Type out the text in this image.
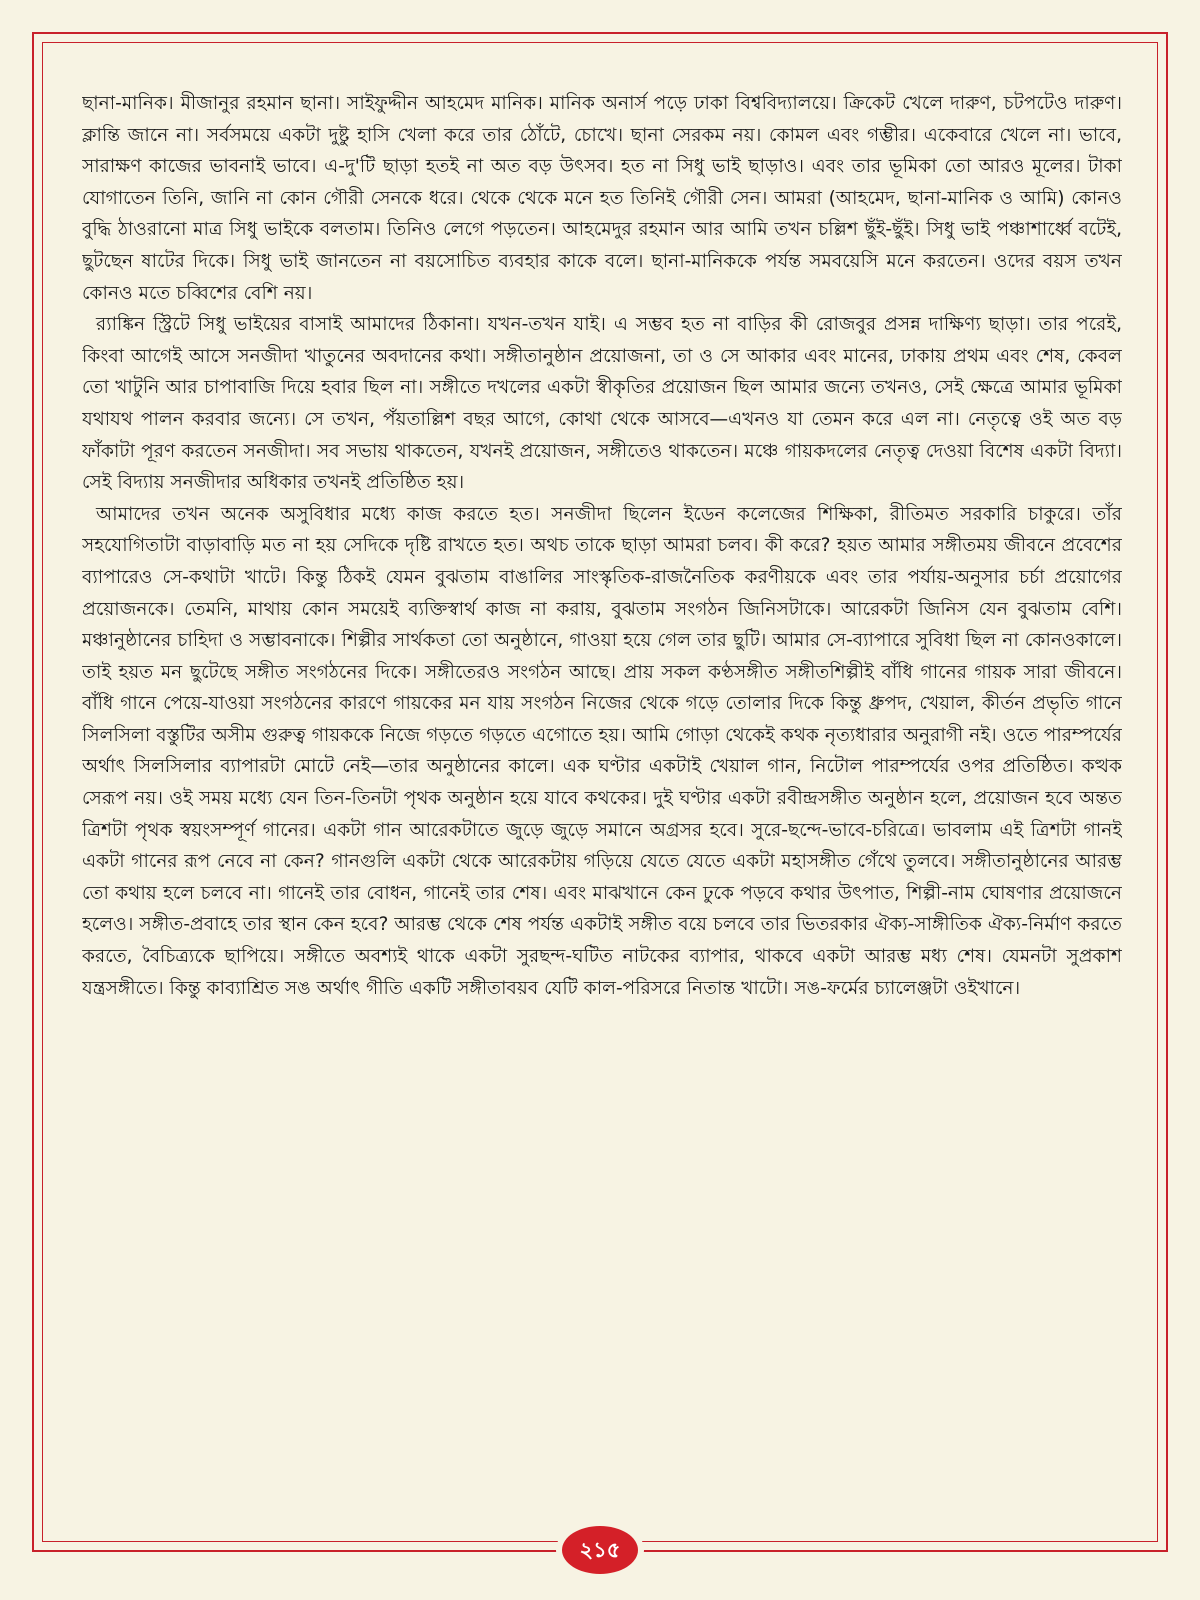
ছানা-মানিক। মীজানুর রহমান ছানা। সাইফুদ্দীন আহমেদ মানিক। মানিক অনার্স পড়ে ঢাকা বিশ্ববিদ্যালয়ে। ক্রিকেট খেলে দারুণ, চটপটেও দারুণ। ক্লান্তি জানে না। সর্বসময়ে একটা দুষ্টু হাসি খেলা করে তার ঠোঁটে, চোখে। ছানা সেরকম নয়। কোমল এবং গম্ভীর। একেবারে খেলে না। ভাবে, সারাক্ষণ কাজের ভাবনাই ভাবে। এ-দু'টি ছাড়া হতই না অত বড় উৎসব। হত না সিধু ভাই ছাড়াও। এবং তার ভূমিকা তো আরও মূলের। টাকা যোগাতেন তিনি, জানি না কোন গৌরী সেনকে ধরে। থেকে থেকে মনে হত তিনিই গৌরী সেন। আমরা (আহমেদ, ছানা-মানিক ও আমি) কোনও বুদ্ধি ঠাওরানো মাত্র সিধু ভাইকে বলতাম। তিনিও লেগে পড়তেন। আহমেদুর রহমান আর আমি তখন চল্লিশ ছুঁই-ছুঁই। সিধু ভাই পঞ্চাশার্ধ্বে বটেই, ছুটছেন ষাটের দিকে। সিধু ভাই জানতেন না বয়সোচিত ব্যবহার কাকে বলে। ছানা-মানিককে পর্যন্ত সমবয়েসি মনে করতেন। ওদের বয়স তখন কোনও মতে চব্বিশের বেশি নয়।

র‍্যাঙ্কিন স্ট্রিটে সিধু ভাইয়ের বাসাই আমাদের ঠিকানা। যখন-তখন যাই। এ সম্ভব হত না বাড়ির কী রোজবুর প্রসন্ন দাক্ষিণ্য ছাড়া। তার পরেই, কিংবা আগেই আসে সনজীদা খাতুনের অবদানের কথা। সঙ্গীতানুষ্ঠান প্রয়োজনা, তা ও সে আকার এবং মানের, ঢাকায় প্রথম এবং শেষ, কেবল তো খাটুনি আর চাপাবাজি দিয়ে হবার ছিল না। সঙ্গীতে দখলের একটা স্বীকৃতির প্রয়োজন ছিল আমার জন্যে তখনও, সেই ক্ষেত্রে আমার ভূমিকা যথাযথ পালন করবার জন্যে। সে তখন, পঁয়তাল্লিশ বছর আগে, কোথা থেকে আসবে—এখনও যা তেমন করে এল না। নেতৃত্বে ওই অত বড় ফাঁকাটা পূরণ করতেন সনজীদা। সব সভায় থাকতেন, যখনই প্রয়োজন, সঙ্গীতেও থাকতেন। মঞ্চে গায়কদলের নেতৃত্ব দেওয়া বিশেষ একটা বিদ্যা। সেই বিদ্যায় সনজীদার অধিকার তখনই প্রতিষ্ঠিত হয়।

আমাদের তখন অনেক অসুবিধার মধ্যে কাজ করতে হত। সনজীদা ছিলেন ইডেন কলেজের শিক্ষিকা, রীতিমত সরকারি চাকুরে। তাঁর সহযোগিতাটা বাড়াবাড়ি মত না হয় সেদিকে দৃষ্টি রাখতে হত। অথচ তাকে ছাড়া আমরা চলব। কী করে? হয়ত আমার সঙ্গীতময় জীবনে প্রবেশের ব্যাপারেও সে-কথাটা খাটে। কিন্তু ঠিকই যেমন বুঝতাম বাঙালির সাংস্কৃতিক-রাজনৈতিক করণীয়কে এবং তার পর্যায়-অনুসার চর্চা প্রয়োগের প্রয়োজনকে। তেমনি, মাথায় কোন সময়েই ব্যক্তিস্বার্থ কাজ না করায়, বুঝতাম সংগঠন জিনিসটাকে। আরেকটা জিনিস যেন বুঝতাম বেশি। মঞ্চানুষ্ঠানের চাহিদা ও সম্ভাবনাকে। শিল্পীর সার্থকতা তো অনুষ্ঠানে, গাওয়া হয়ে গেল তার ছুটি। আমার সে-ব্যাপারে সুবিধা ছিল না কোনওকালে। তাই হয়ত মন ছুটেছে সঙ্গীত সংগঠনের দিকে। সঙ্গীতেরও সংগঠন আছে। প্রায় সকল কণ্ঠসঙ্গীত সঙ্গীতশিল্পীই বাঁধি গানের গায়ক সারা জীবনে। বাঁধি গানে পেয়ে-যাওয়া সংগঠনের কারণে গায়কের মন যায় সংগঠন নিজের থেকে গড়ে তোলার দিকে কিন্তু ধ্রুপদ, খেয়াল, কীর্তন প্রভৃতি গানে সিলসিলা বস্তুটির অসীম গুরুত্ব গায়ককে নিজে গড়তে গড়তে এগোতে হয়। আমি গোড়া থেকেই কথক নৃত্যধারার অনুরাগী নই। ওতে পারম্পর্যের অর্থাৎ সিলসিলার ব্যাপারটা মোটে নেই—তার অনুষ্ঠানের কালে। এক ঘণ্টার একটাই খেয়াল গান, নিটোল পারম্পর্যের ওপর প্রতিষ্ঠিত। কত্থক সেরূপ নয়। ওই সময় মধ্যে যেন তিন-তিনটা পৃথক অনুষ্ঠান হয়ে যাবে কথকের। দুই ঘণ্টার একটা রবীন্দ্রসঙ্গীত অনুষ্ঠান হলে, প্রয়োজন হবে অন্তত ত্রিশটা পৃথক স্বয়ংসম্পূর্ণ গানের। একটা গান আরেকটাতে জুড়ে জুড়ে সমানে অগ্রসর হবে। সুরে-ছন্দে-ভাবে-চরিত্রে। ভাবলাম এই ত্রিশটা গানই একটা গানের রূপ নেবে না কেন? গানগুলি একটা থেকে আরেকটায় গড়িয়ে যেতে যেতে একটা মহাসঙ্গীত গেঁথে তুলবে। সঙ্গীতানুষ্ঠানের আরম্ভ তো কথায় হলে চলবে না। গানেই তার বোধন, গানেই তার শেষ। এবং মাঝখানে কেন ঢুকে পড়বে কথার উৎপাত, শিল্পী-নাম ঘোষণার প্রয়োজনে হলেও। সঙ্গীত-প্রবাহে তার স্থান কেন হবে? আরম্ভ থেকে শেষ পর্যন্ত একটাই সঙ্গীত বয়ে চলবে তার ভিতরকার ঐক্য-সাঙ্গীতিক ঐক্য-নির্মাণ করতে করতে, বৈচিত্র্যকে ছাপিয়ে। সঙ্গীতে অবশ্যই থাকে একটা সুরছন্দ-ঘটিত নাটকের ব্যাপার, থাকবে একটা আরম্ভ মধ্য শেষ। যেমনটা সুপ্রকাশ যন্ত্রসঙ্গীতে। কিন্তু কাব্যাশ্রিত সঙ অর্থাৎ গীতি একটি সঙ্গীতাবয়ব যেটি কাল-পরিসরে নিতান্ত খাটো। সঙ-ফর্মের চ্যালেঞ্জটা ওইখানে।

২১৫
